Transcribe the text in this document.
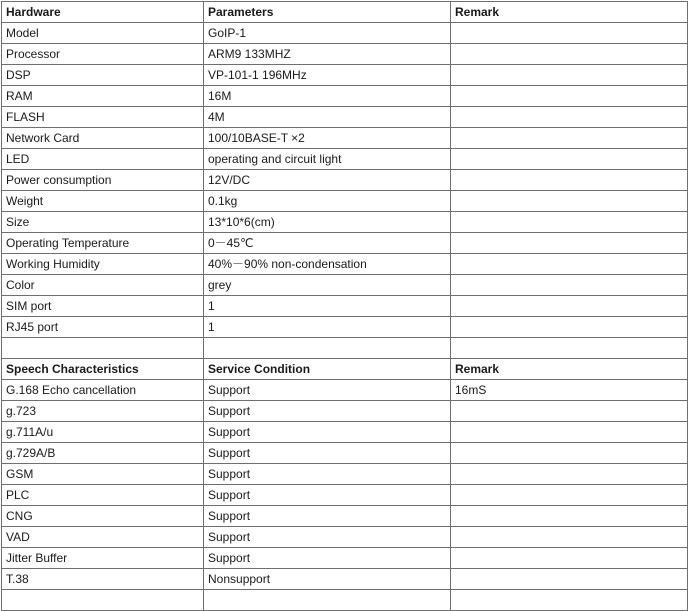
Hardware	Parameters	Remark
Model	GoIP-1	
Processor	ARM9 133MHZ	
DSP	VP-101-1 196MHz	
RAM	16M	
FLASH	4M	
Network Card	100/10BASE-T ×2	
LED	operating and circuit light	
Power consumption	12V/DC	
Weight	0.1kg	
Size	13*10*6(cm)	
Operating Temperature	0－45℃	
Working Humidity	40%－90% non-condensation	
Color	grey	
SIM port	1	
RJ45 port	1	

Speech Characteristics	Service Condition	Remark
G.168 Echo cancellation	Support	16mS
g.723	Support	
g.711A/u	Support	
g.729A/B	Support	
GSM	Support	
PLC	Support	
CNG	Support	
VAD	Support	
Jitter Buffer	Support	
T.38	Nonsupport	
